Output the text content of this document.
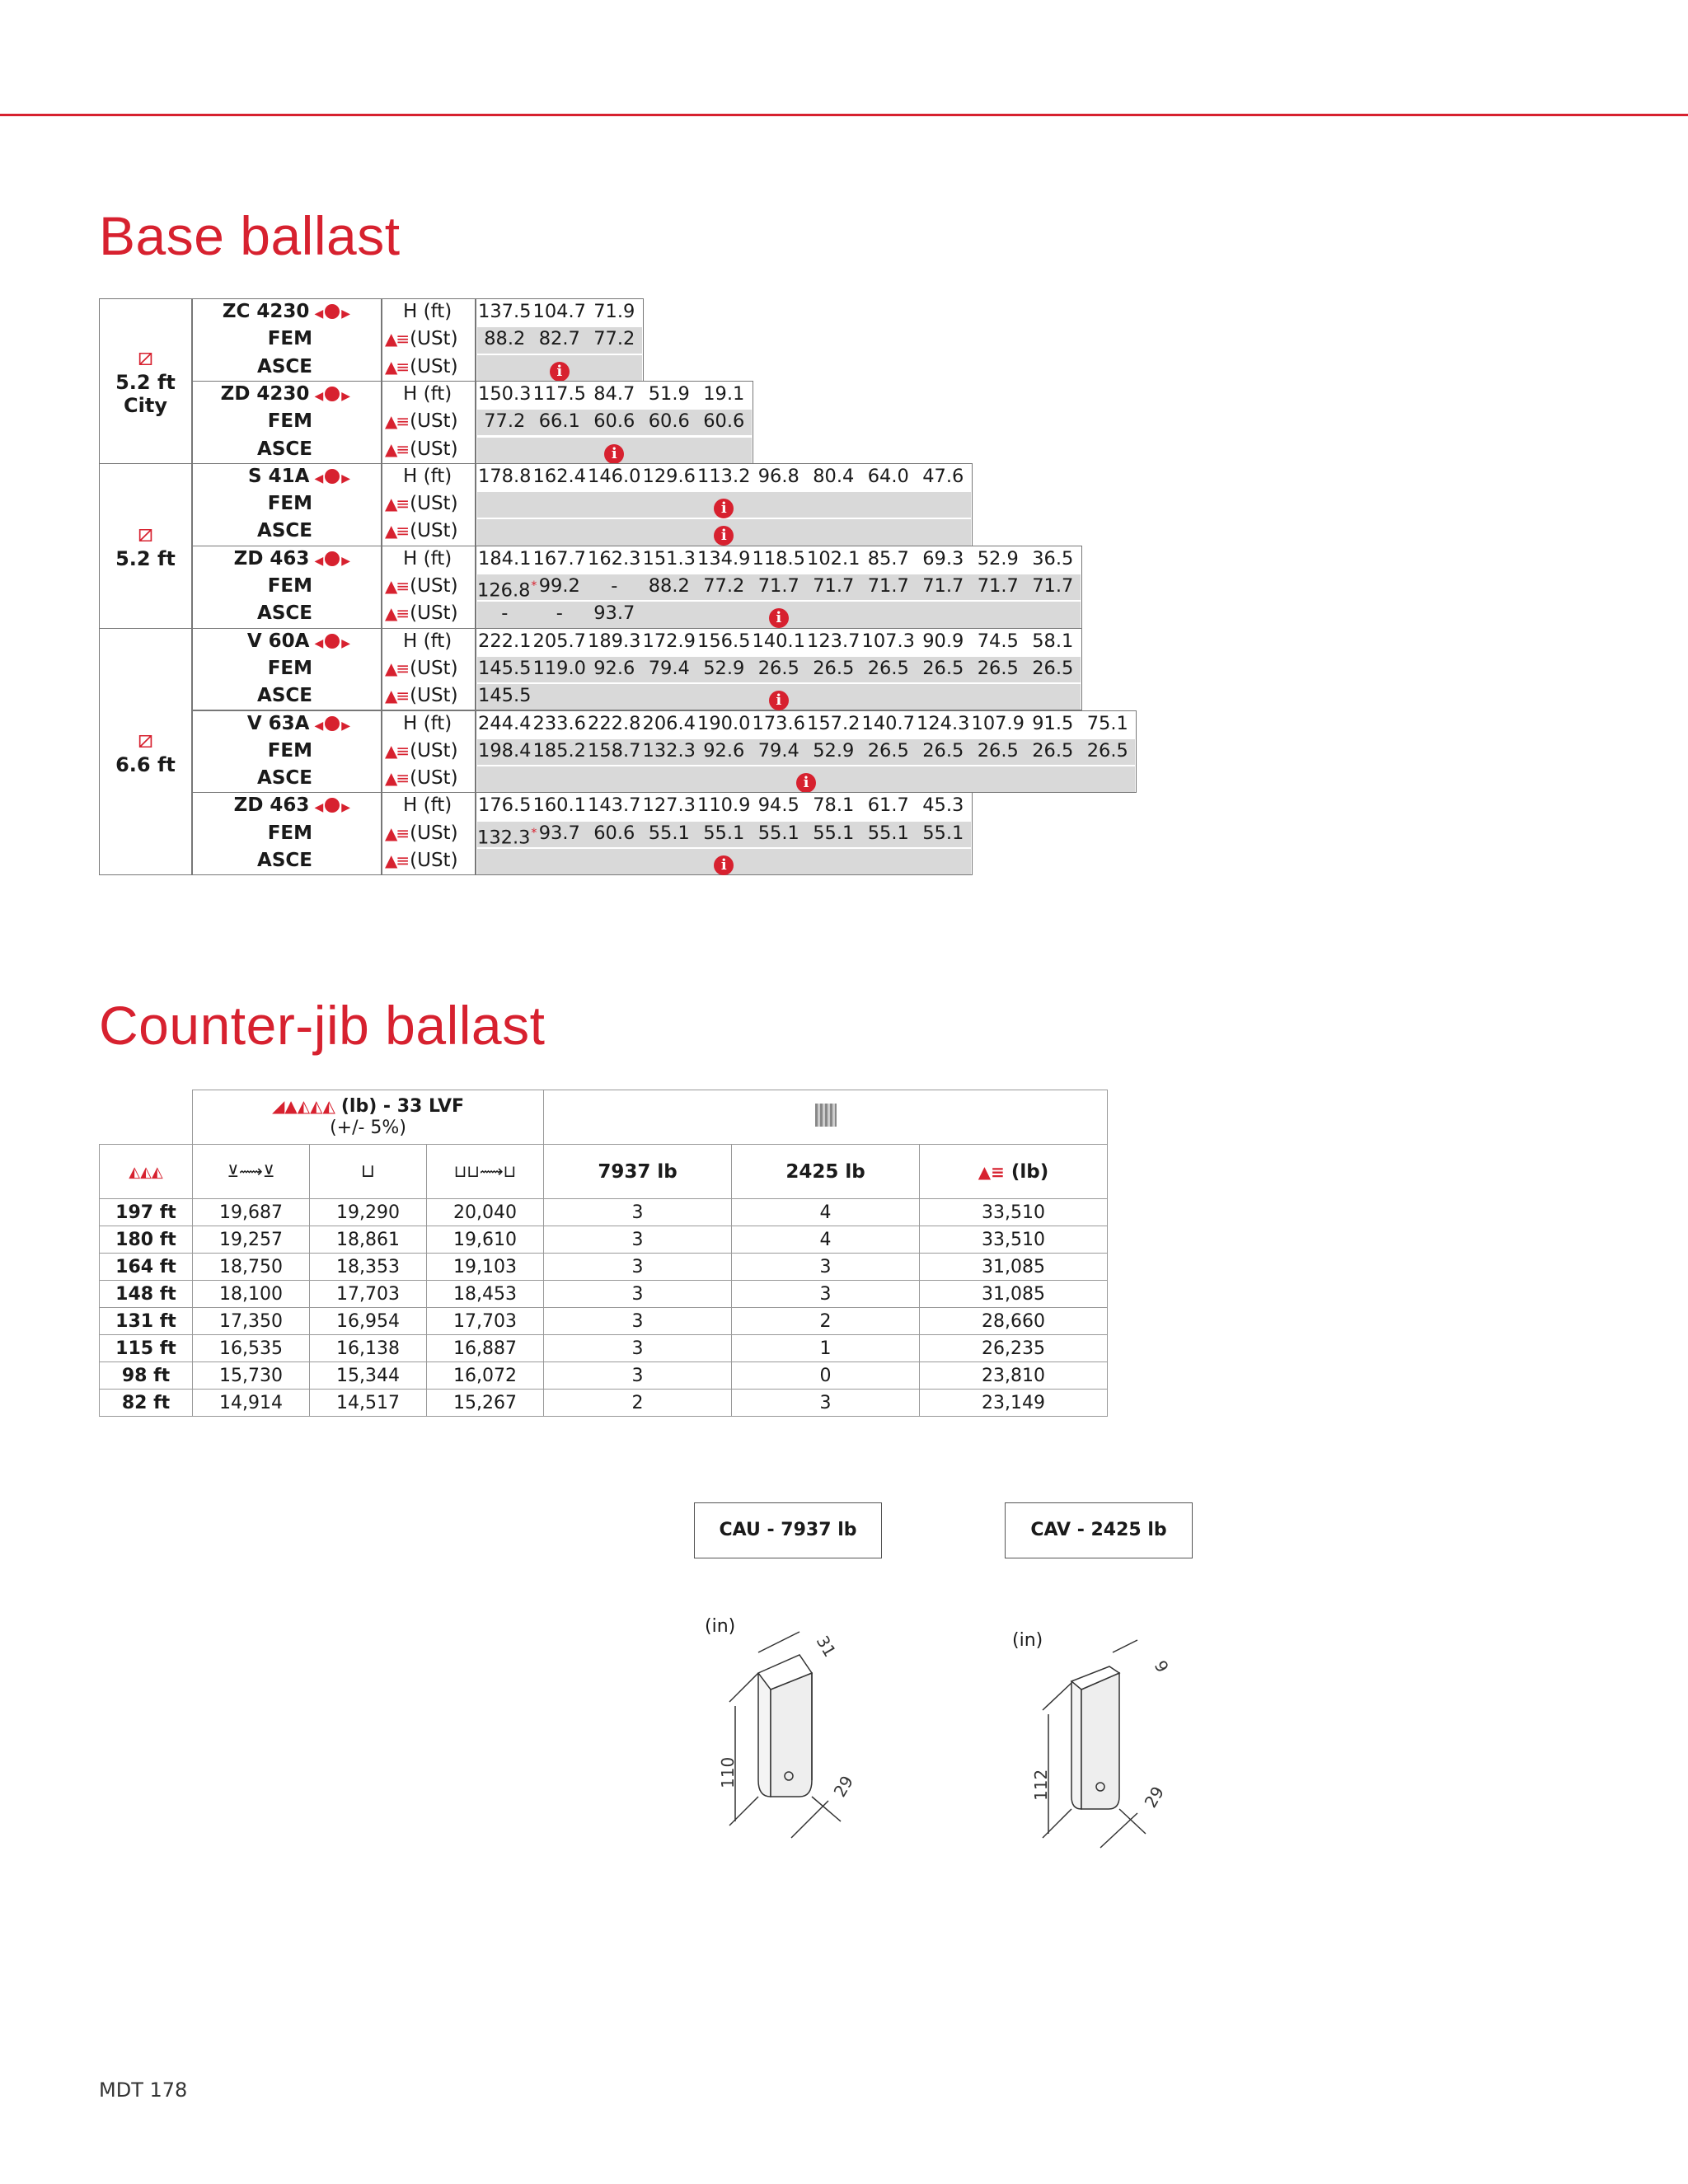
Base ballast
⧄
5.2 ft
City
ZC 4230 ◀ ▶	H (ft)	137.5 104.7 71.9
FEM	▲≡(USt)	88.2 82.7 77.2
ASCE	▲≡(USt)	i
ZD 4230 ◀ ▶	H (ft)	150.3 117.5 84.7 51.9 19.1
FEM	▲≡(USt)	77.2 66.1 60.6 60.6 60.6
ASCE	▲≡(USt)	i
⧄
5.2 ft
S 41A ◀ ▶	H (ft)	178.8 162.4 146.0 129.6 113.2 96.8 80.4 64.0 47.6
FEM	▲≡(USt)	i
ASCE	▲≡(USt)	i
ZD 463 ◀ ▶	H (ft)	184.1 167.7 162.3 151.3 134.9 118.5 102.1 85.7 69.3 52.9 36.5
FEM	▲≡(USt)	126.8* 99.2	-	88.2 77.2 71.7 71.7 71.7 71.7 71.7 71.7
ASCE	▲≡(USt)	-	-	93.7	i
⧄
6.6 ft
V 60A ◀ ▶	H (ft)	222.1 205.7 189.3 172.9 156.5 140.1 123.7 107.3 90.9 74.5 58.1
FEM	▲≡(USt)	145.5 119.0 92.6 79.4 52.9 26.5 26.5 26.5 26.5 26.5 26.5
ASCE	▲≡(USt)	145.5	i
V 63A ◀ ▶	H (ft)	244.4 233.6 222.8 206.4 190.0 173.6 157.2 140.7 124.3 107.9 91.5 75.1
FEM	▲≡(USt)	198.4 185.2 158.7 132.3 92.6 79.4 52.9 26.5 26.5 26.5 26.5 26.5
ASCE	▲≡(USt)	i
ZD 463 ◀ ▶	H (ft)	176.5 160.1 143.7 127.3 110.9 94.5 78.1 61.7 45.3
FEM	▲≡(USt)	132.3* 93.7 60.6 55.1 55.1 55.1 55.1 55.1 55.1
ASCE	▲≡(USt)	i
Counter-jib ballast
	◢▲◭◭◭ (lb) - 33 LVF
(+/- 5%)					
◭◭◭	⊻⟿⊻	⊔	⊔⊔⟿⊔	7937 lb	2425 lb	▲≡ (lb)
197 ft	19,687	19,290	20,040	3	4	33,510
180 ft	19,257	18,861	19,610	3	4	33,510
164 ft	18,750	18,353	19,103	3	3	31,085
148 ft	18,100	17,703	18,453	3	3	31,085
131 ft	17,350	16,954	17,703	3	2	28,660
115 ft	16,535	16,138	16,887	3	1	26,235
98 ft	15,730	15,344	16,072	3	0	23,810
82 ft	14,914	14,517	15,267	2	3	23,149
CAU - 7937 lb	CAV - 2425 lb
(in)
110
31
29
(in)
112
9
29
MDT 178
